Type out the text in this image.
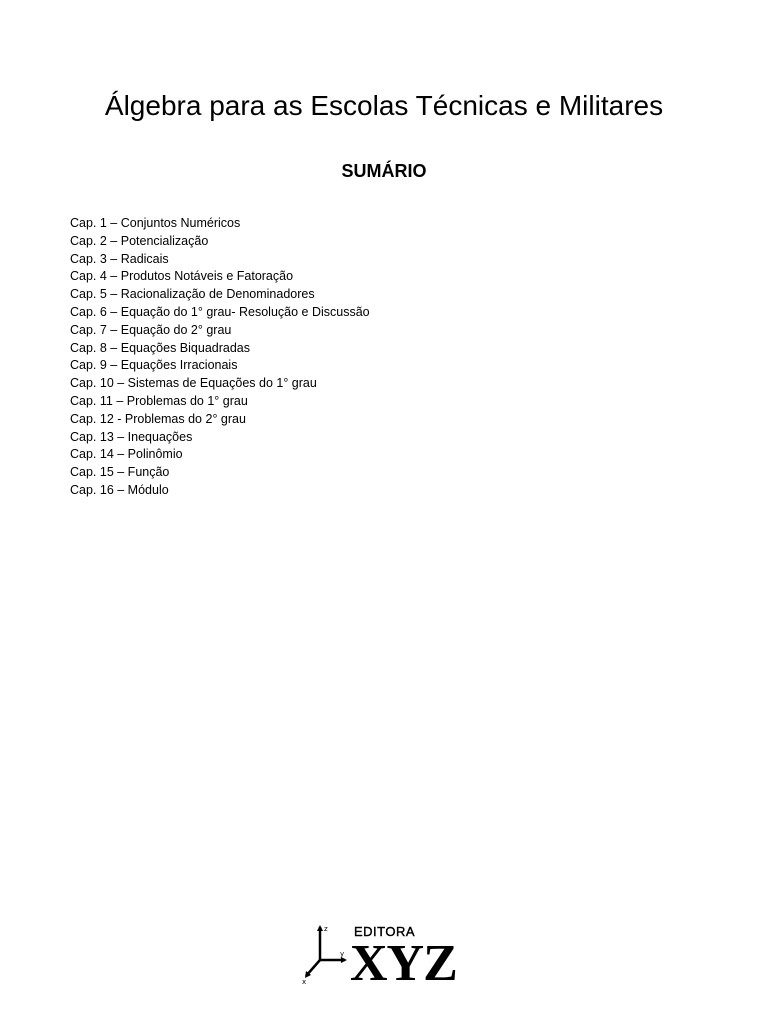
Álgebra para as Escolas Técnicas e Militares
SUMÁRIO
Cap. 1 – Conjuntos Numéricos
Cap. 2 – Potencialização
Cap. 3 – Radicais
Cap. 4 – Produtos Notáveis e Fatoração
Cap. 5 – Racionalização de Denominadores
Cap. 6 – Equação do 1° grau- Resolução e Discussão
Cap. 7 – Equação do 2° grau
Cap. 8 – Equações Biquadradas
Cap. 9 – Equações Irracionais
Cap. 10 – Sistemas de Equações do 1° grau
Cap. 11 – Problemas do 1° grau
Cap. 12 - Problemas do 2° grau
Cap. 13 – Inequações
Cap. 14 – Polinômio
Cap. 15 – Função
Cap. 16 – Módulo
z
y
x
EDITORA
XYZ
